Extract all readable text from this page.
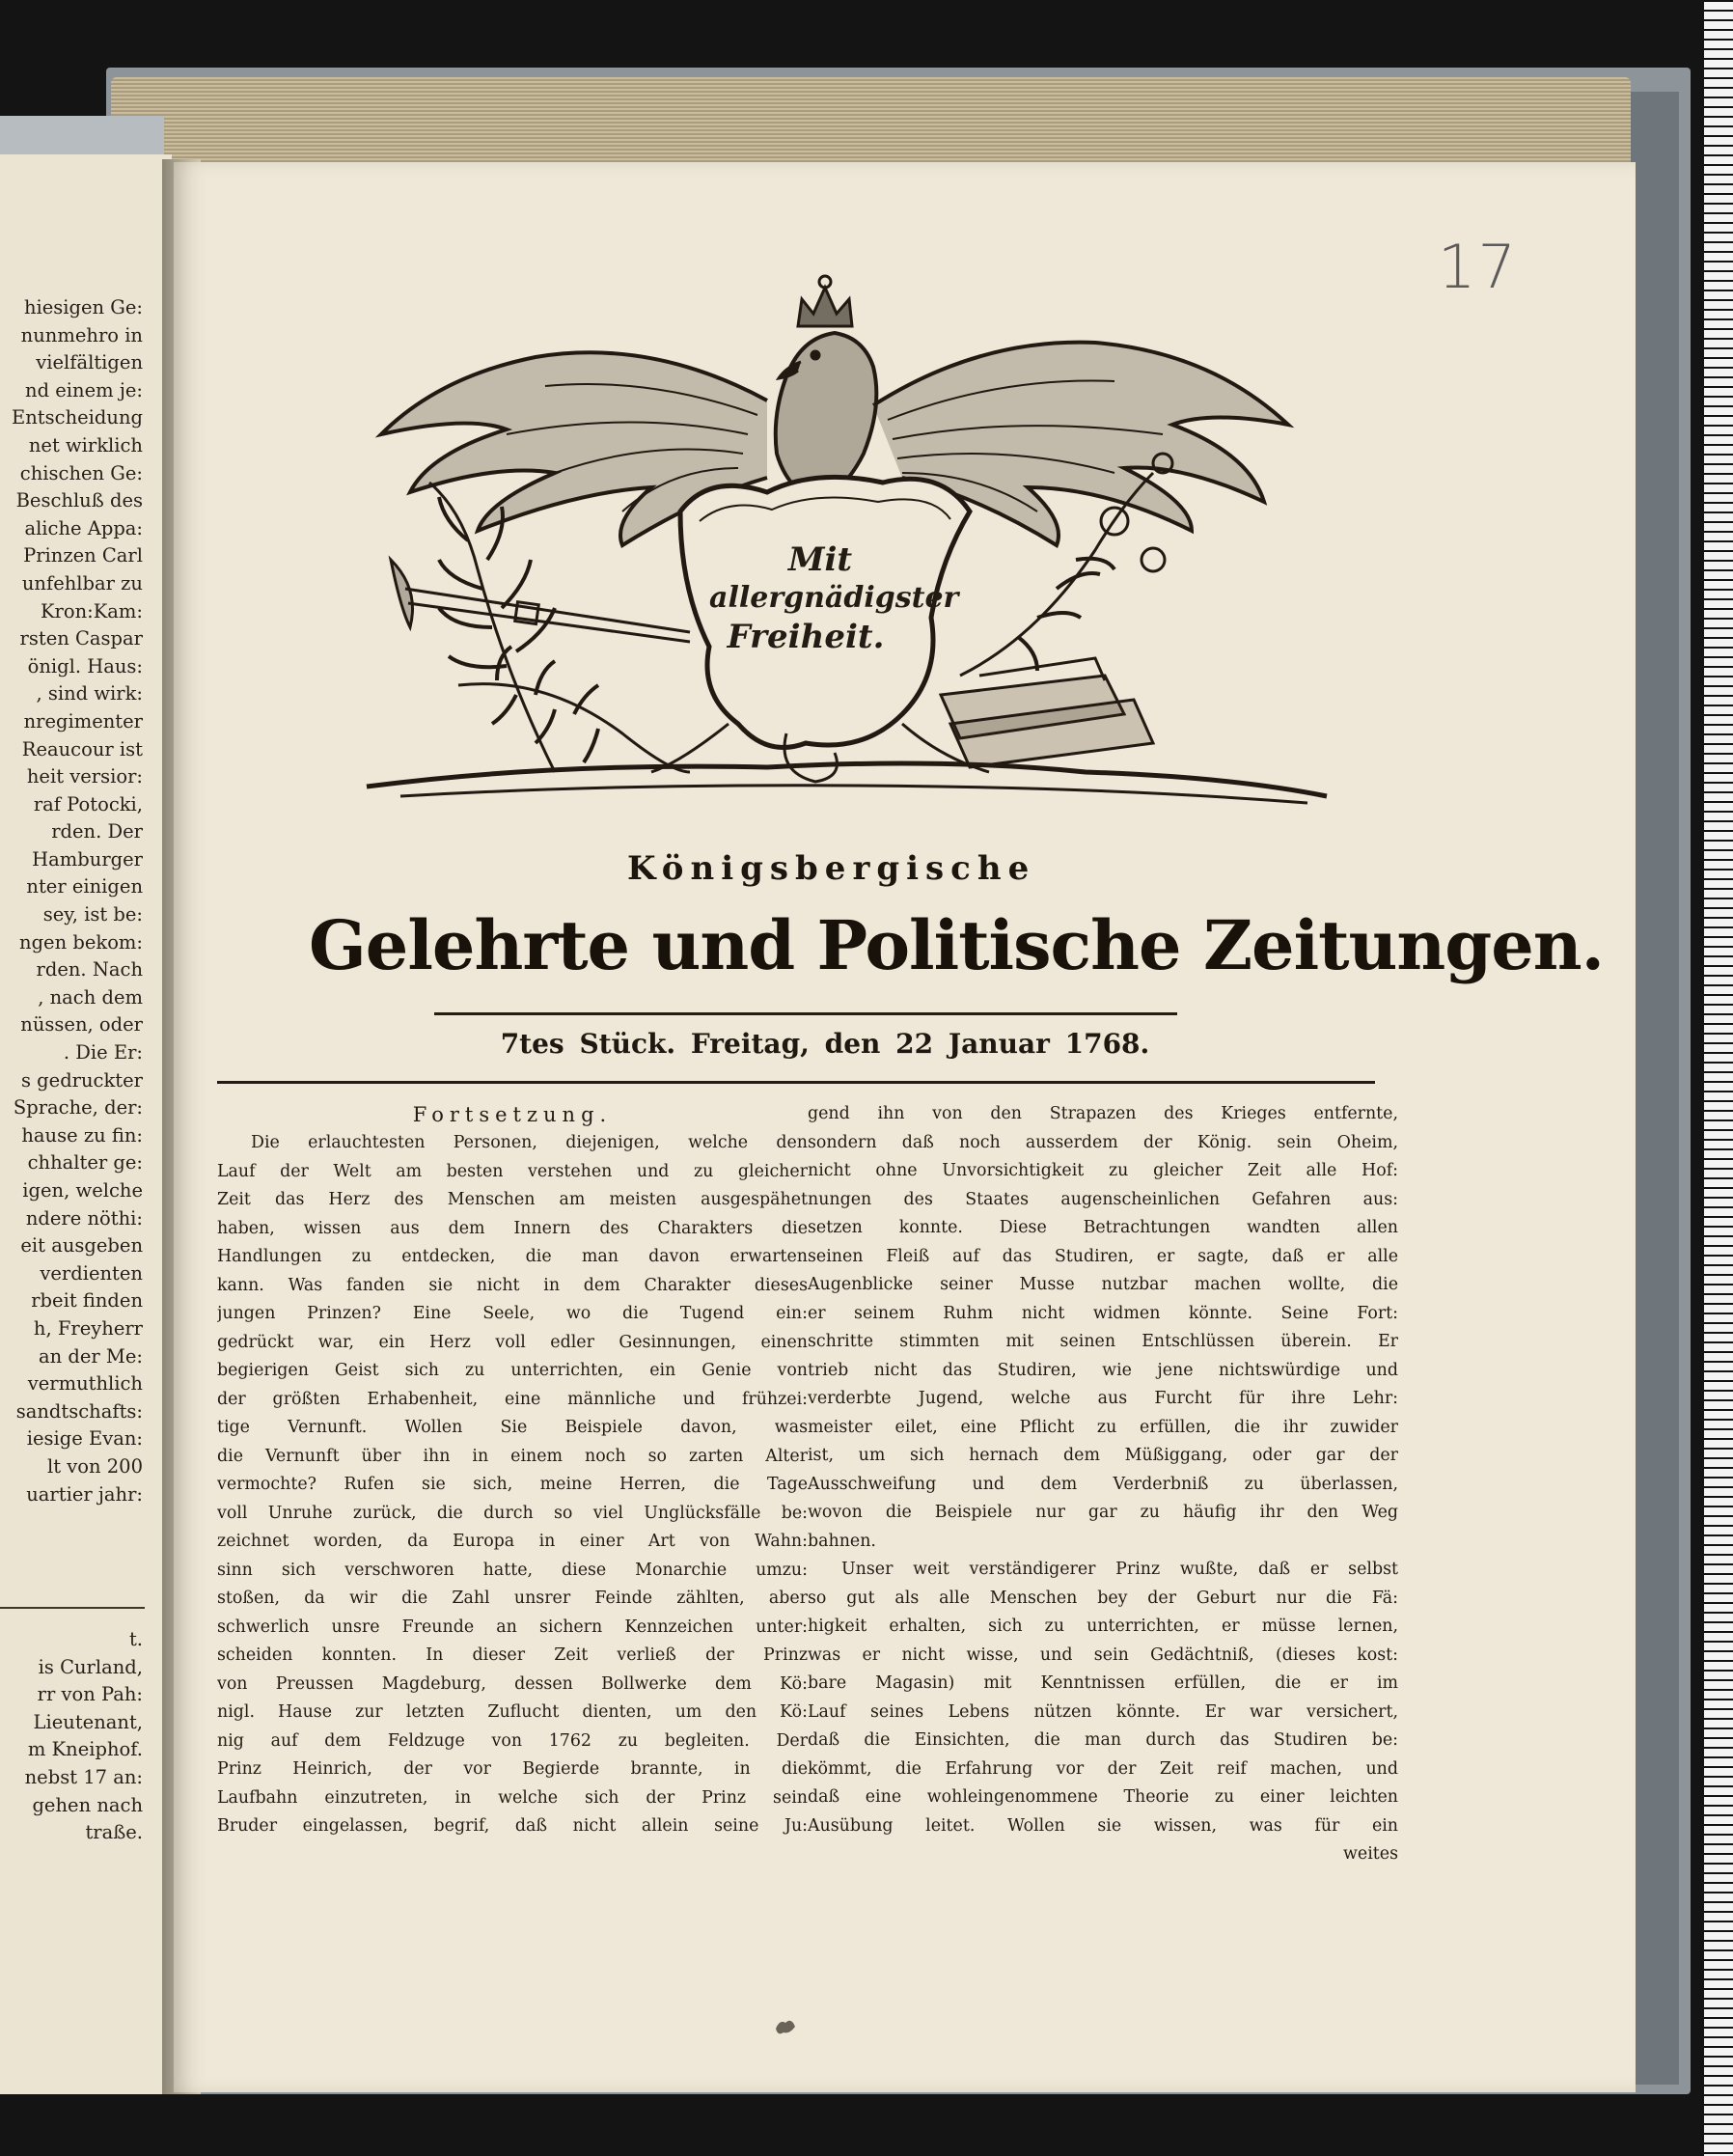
hiesigen Ge:
nunmehro in
vielfältigen
nd einem je:
Entscheidung
net wirklich
chischen Ge:
Beschluß des
aliche Appa:
Prinzen Carl
unfehlbar zu
Kron:Kam:
rsten Caspar
önigl. Haus:
, sind wirk:
nregimenter
Reaucour ist
heit versior:
raf Potocki,
rden. Der
Hamburger
nter einigen
sey, ist be:
ngen bekom:
rden. Nach
, nach dem
nüssen, oder
. Die Er:
s gedruckter
Sprache, der:
hause zu fin:
chhalter ge:
igen, welche
ndere nöthi:
eit ausgeben
verdienten
rbeit finden
h, Freyherr
an der Me:
vermuthlich
sandtschafts:
iesige Evan:
lt von 200
uartier jahr:
t.
is Curland,
rr von Pah:
Lieutenant,
m Kneiphof.
nebst 17 an:
gehen nach
traße.
17
Mit
allergnädigster
Freiheit.
Königsbergische
Gelehrte und Politische Zeitungen.
7tes Stück. Freitag, den 22 Januar 1768.
Fortsetzung.
Die erlauchtesten Personen, diejenigen, welche den
Lauf der Welt am besten verstehen und zu gleicher
Zeit das Herz des Menschen am meisten ausgespähet
haben, wissen aus dem Innern des Charakters die
Handlungen zu entdecken, die man davon erwarten
kann. Was fanden sie nicht in dem Charakter dieses
jungen Prinzen? Eine Seele, wo die Tugend ein:
gedrückt war, ein Herz voll edler Gesinnungen, einen
begierigen Geist sich zu unterrichten, ein Genie von
der größten Erhabenheit, eine männliche und frühzei:
tige Vernunft. Wollen Sie Beispiele davon, was
die Vernunft über ihn in einem noch so zarten Alter
vermochte? Rufen sie sich, meine Herren, die Tage
voll Unruhe zurück, die durch so viel Unglücksfälle be:
zeichnet worden, da Europa in einer Art von Wahn:
sinn sich verschworen hatte, diese Monarchie umzu:
stoßen, da wir die Zahl unsrer Feinde zählten, aber
schwerlich unsre Freunde an sichern Kennzeichen unter:
scheiden konnten. In dieser Zeit verließ der Prinz
von Preussen Magdeburg, dessen Bollwerke dem Kö:
nigl. Hause zur letzten Zuflucht dienten, um den Kö:
nig auf dem Feldzuge von 1762 zu begleiten. Der
Prinz Heinrich, der vor Begierde brannte, in die
Laufbahn einzutreten, in welche sich der Prinz sein
Bruder eingelassen, begrif, daß nicht allein seine Ju:
gend ihn von den Strapazen des Krieges entfernte,
sondern daß noch ausserdem der König. sein Oheim,
nicht ohne Unvorsichtigkeit zu gleicher Zeit alle Hof:
nungen des Staates augenscheinlichen Gefahren aus:
setzen konnte. Diese Betrachtungen wandten allen
seinen Fleiß auf das Studiren, er sagte, daß er alle
Augenblicke seiner Musse nutzbar machen wollte, die
er seinem Ruhm nicht widmen könnte. Seine Fort:
schritte stimmten mit seinen Entschlüssen überein. Er
trieb nicht das Studiren, wie jene nichtswürdige und
verderbte Jugend, welche aus Furcht für ihre Lehr:
meister eilet, eine Pflicht zu erfüllen, die ihr zuwider
ist, um sich hernach dem Müßiggang, oder gar der
Ausschweifung und dem Verderbniß zu überlassen,
wovon die Beispiele nur gar zu häufig ihr den Weg
bahnen.
Unser weit verständigerer Prinz wußte, daß er selbst
so gut als alle Menschen bey der Geburt nur die Fä:
higkeit erhalten, sich zu unterrichten, er müsse lernen,
was er nicht wisse, und sein Gedächtniß, (dieses kost:
bare Magasin) mit Kenntnissen erfüllen, die er im
Lauf seines Lebens nützen könnte. Er war versichert,
daß die Einsichten, die man durch das Studiren be:
kömmt, die Erfahrung vor der Zeit reif machen, und
daß eine wohleingenommene Theorie zu einer leichten
Ausübung leitet. Wollen sie wissen, was für ein
weites
